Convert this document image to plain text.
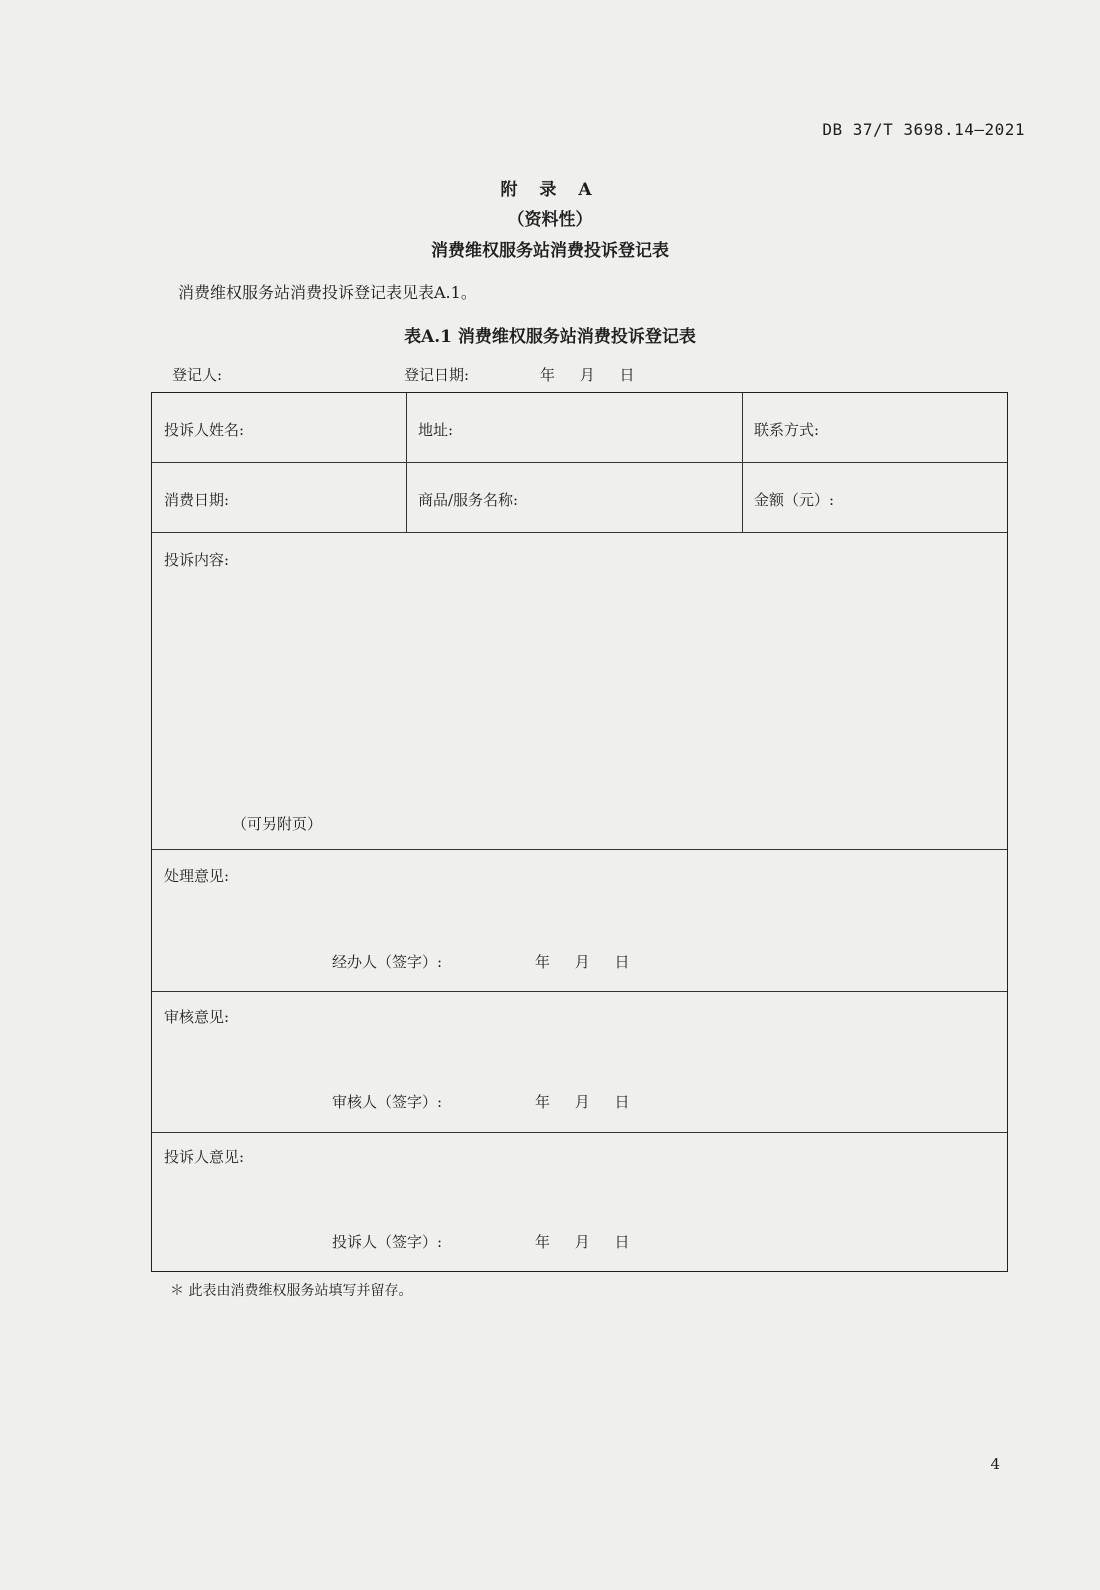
DB 37/T 3698.14—2021
附 录 A
（资料性）
消费维权服务站消费投诉登记表
消费维权服务站消费投诉登记表见表A.1。
表A.1 消费维权服务站消费投诉登记表
登记人:	登记日期:	年 月 日
投诉人姓名:	地址:	联系方式:
消费日期:	商品/服务名称:	金额（元）:
投诉内容:
（可另附页）
处理意见:
经办人（签字）:	年 月 日
审核意见:
审核人（签字）:	年 月 日
投诉人意见:
投诉人（签字）:	年 月 日
＊ 此表由消费维权服务站填写并留存。
4
